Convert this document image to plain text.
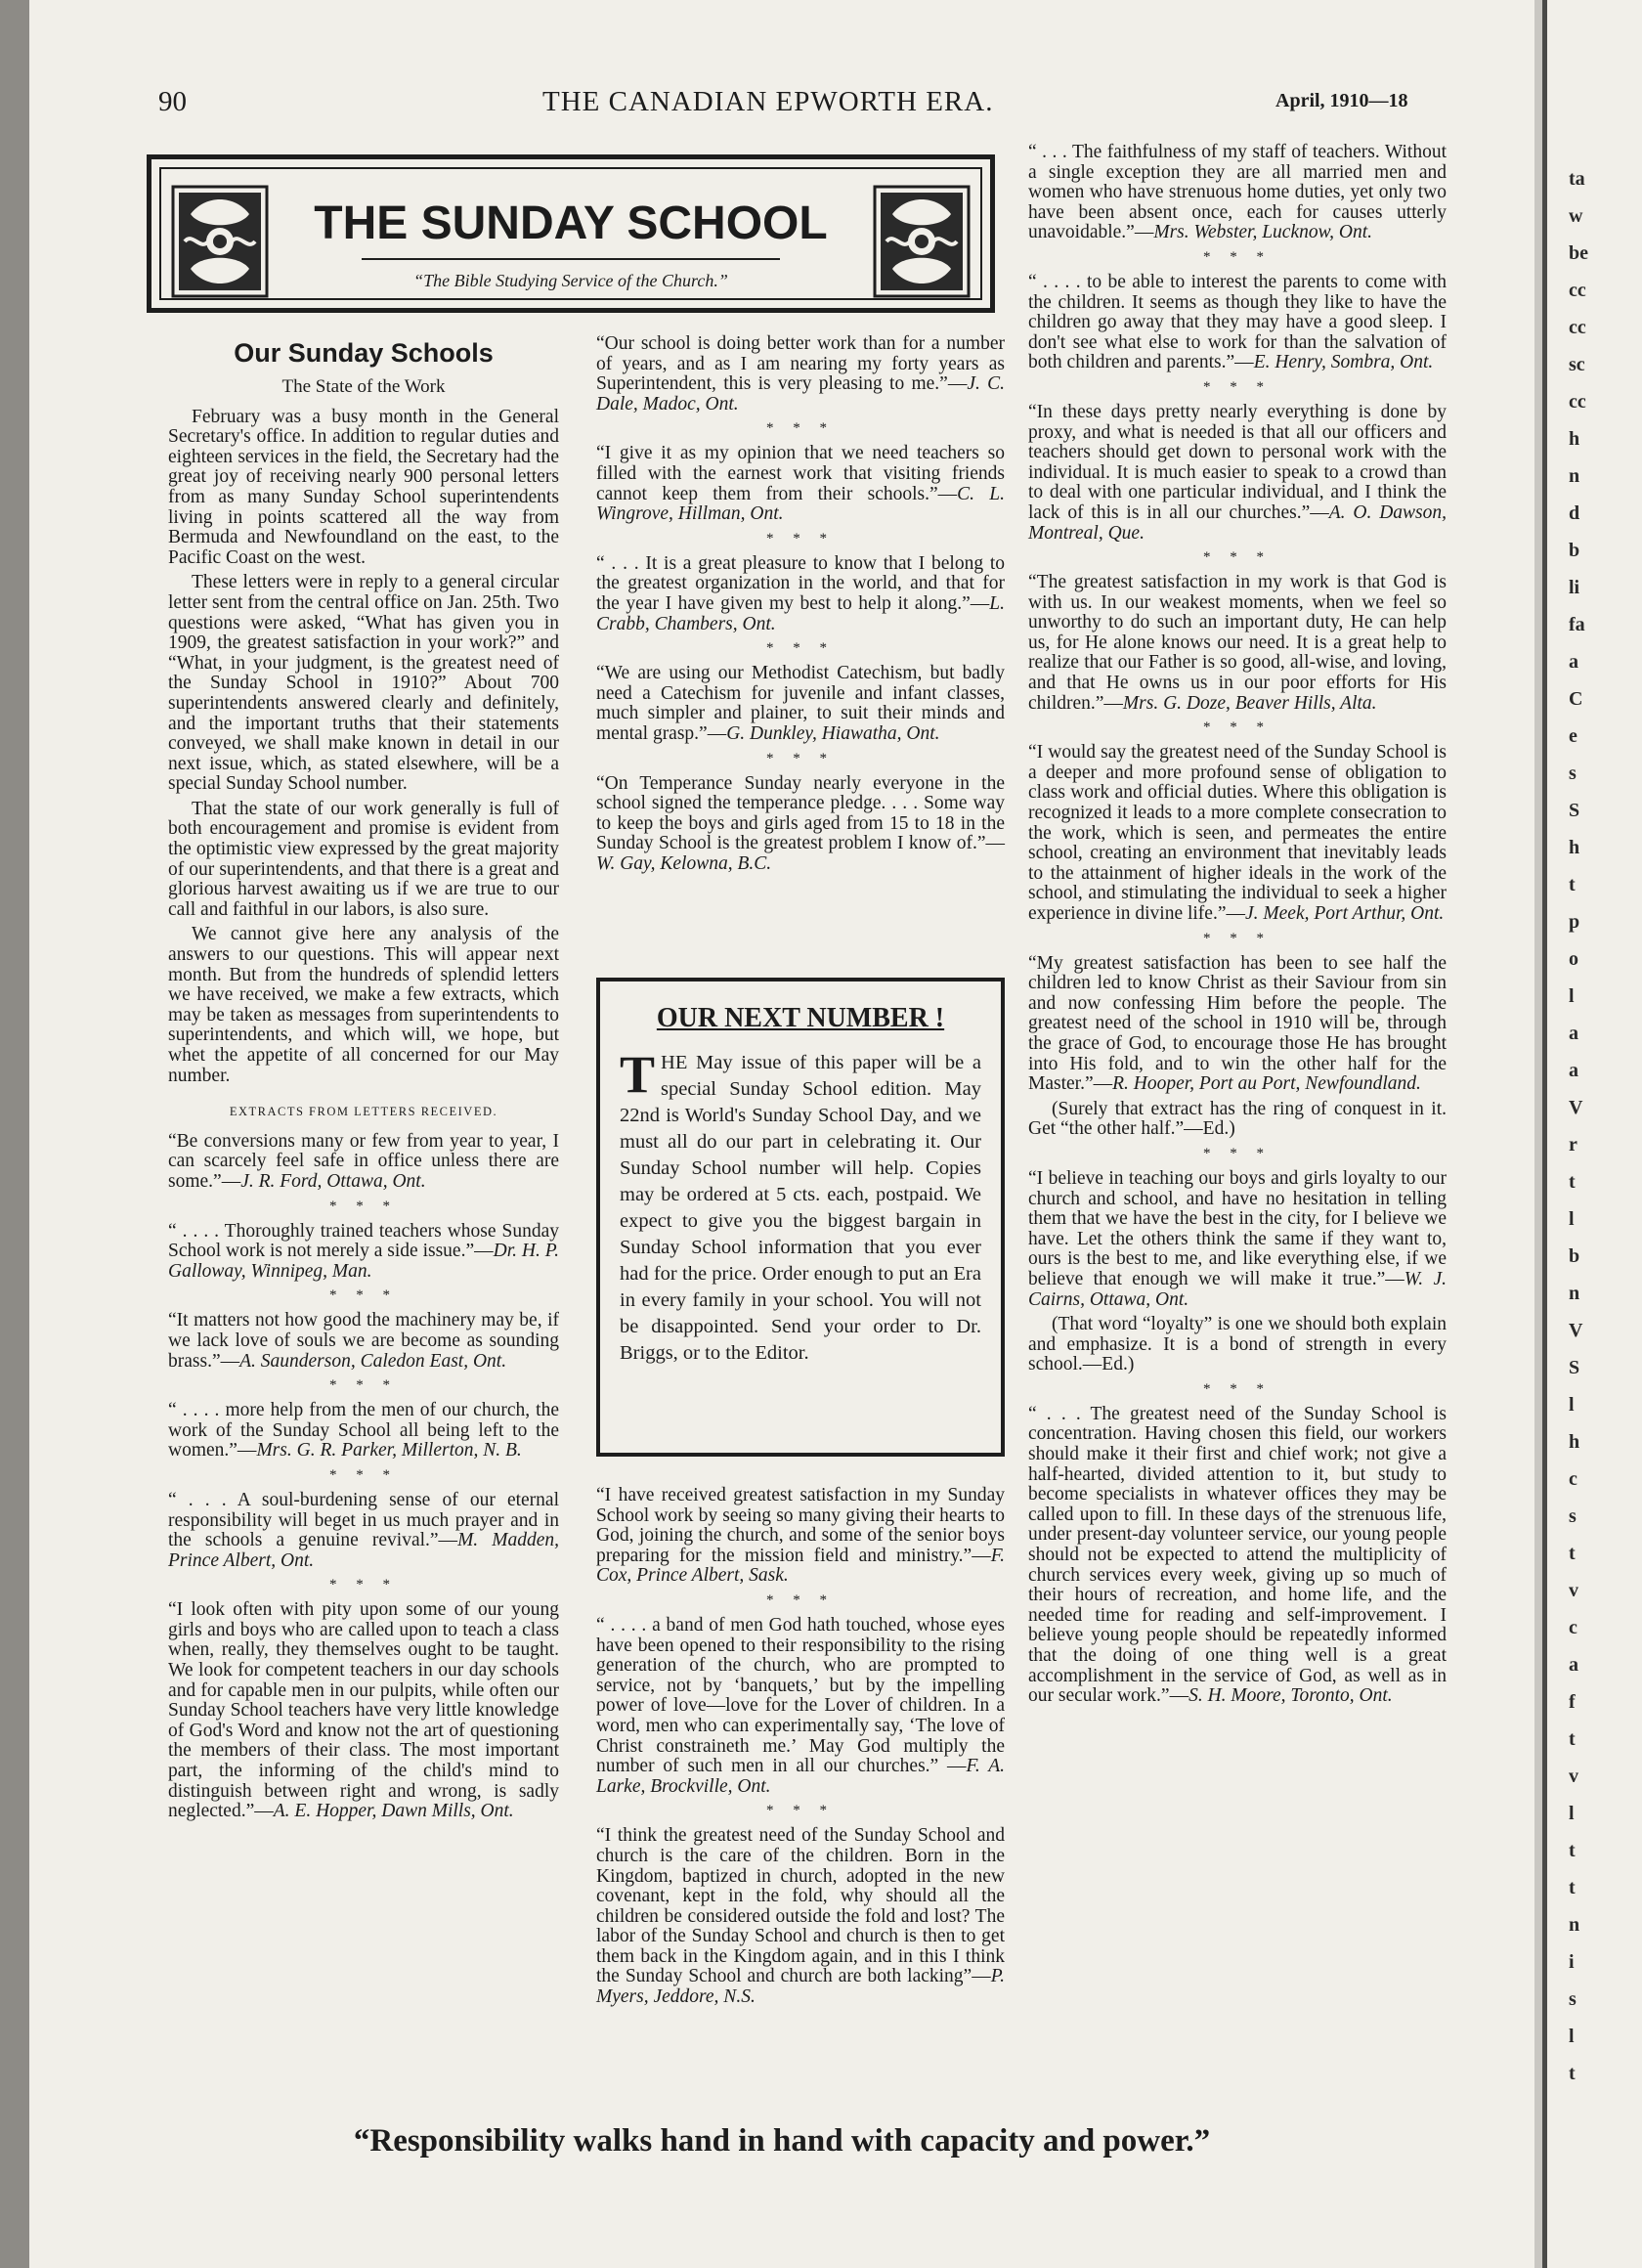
ta
w
be
cc
cc
sc
cc
h
n
d
b
li
fa
a
C
e
s
S
h
t
p
o
l
a
a
V
r
t
l
b
n
V
S
l
h
c
s
t
v
c
a
f
t
v
l
t
t
n
i
s
l
t
90	THE CANADIAN EPWORTH ERA.	April, 1910—18
THE SUNDAY SCHOOL
“The Bible Studying Service of the Church.”
Our Sunday Schools
The State of the Work

February was a busy month in the General Secretary's office. In addition to regular duties and eighteen services in the field, the Secretary had the great joy of receiving nearly 900 personal letters from as many Sunday School superintendents living in points scattered all the way from Bermuda and Newfoundland on the east, to the Pacific Coast on the west.

These letters were in reply to a general circular letter sent from the central office on Jan. 25th. Two questions were asked, “What has given you in 1909, the greatest satisfaction in your work?” and “What, in your judgment, is the greatest need of the Sunday School in 1910?” About 700 superintendents answered clearly and definitely, and the important truths that their statements conveyed, we shall make known in detail in our next issue, which, as stated elsewhere, will be a special Sunday School number.

That the state of our work generally is full of both encouragement and promise is evident from the optimistic view expressed by the great majority of our superintendents, and that there is a great and glorious harvest awaiting us if we are true to our call and faithful in our labors, is also sure.

We cannot give here any analysis of the answers to our questions. This will appear next month. But from the hundreds of splendid letters we have received, we make a few extracts, which may be taken as messages from superintendents to superintendents, and which will, we hope, but whet the appetite of all concerned for our May number.

EXTRACTS FROM LETTERS RECEIVED.

“Be conversions many or few from year to year, I can scarcely feel safe in office unless there are some.”—J. R. Ford, Ottawa, Ont.

* * *

“ . . . . Thoroughly trained teachers whose Sunday School work is not merely a side issue.”—Dr. H. P. Galloway, Winnipeg, Man.

* * *

“It matters not how good the machinery may be, if we lack love of souls we are become as sounding brass.”—A. Saunderson, Caledon East, Ont.

* * *

“ . . . . more help from the men of our church, the work of the Sunday School all being left to the women.”—Mrs. G. R. Parker, Millerton, N. B.

* * *

“ . . . A soul-burdening sense of our eternal responsibility will beget in us much prayer and in the schools a genuine revival.”—M. Madden, Prince Albert, Ont.

* * *

“I look often with pity upon some of our young girls and boys who are called upon to teach a class when, really, they themselves ought to be taught. We look for competent teachers in our day schools and for capable men in our pulpits, while often our Sunday School teachers have very little knowledge of God's Word and know not the art of questioning the members of their class. The most important part, the informing of the child's mind to distinguish between right and wrong, is sadly neglected.”—A. E. Hopper, Dawn Mills, Ont.

“Our school is doing better work than for a number of years, and as I am nearing my forty years as Superintendent, this is very pleasing to me.”—J. C. Dale, Madoc, Ont.

* * *

“I give it as my opinion that we need teachers so filled with the earnest work that visiting friends cannot keep them from their schools.”—C. L. Wingrove, Hillman, Ont.

* * *

“ . . . It is a great pleasure to know that I belong to the greatest organization in the world, and that for the year I have given my best to help it along.”—L. Crabb, Chambers, Ont.

* * *

“We are using our Methodist Catechism, but badly need a Catechism for juvenile and infant classes, much simpler and plainer, to suit their minds and mental grasp.”—G. Dunkley, Hiawatha, Ont.

* * *

“On Temperance Sunday nearly everyone in the school signed the temperance pledge. . . . Some way to keep the boys and girls aged from 15 to 18 in the Sunday School is the greatest problem I know of.”—W. Gay, Kelowna, B.C.

OUR NEXT NUMBER !
T HE May issue of this paper will be a special Sunday School edition. May 22nd is World's Sunday School Day, and we must all do our part in celebrating it. Our Sunday School number will help. Copies may be ordered at 5 cts. each, postpaid. We expect to give you the biggest bargain in Sunday School information that you ever had for the price. Order enough to put an Era in every family in your school. You will not be disappointed. Send your order to Dr. Briggs, or to the Editor.

“I have received greatest satisfaction in my Sunday School work by seeing so many giving their hearts to God, joining the church, and some of the senior boys preparing for the mission field and ministry.”—F. Cox, Prince Albert, Sask.

* * *

“ . . . . a band of men God hath touched, whose eyes have been opened to their responsibility to the rising generation of the church, who are prompted to service, not by ‘banquets,’ but by the impelling power of love—love for the Lover of children. In a word, men who can experimentally say, ‘The love of Christ constraineth me.’ May God multiply the number of such men in all our churches.” —F. A. Larke, Brockville, Ont.

* * *

“I think the greatest need of the Sunday School and church is the care of the children. Born in the Kingdom, baptized in church, adopted in the new covenant, kept in the fold, why should all the children be considered outside the fold and lost? The labor of the Sunday School and church is then to get them back in the Kingdom again, and in this I think the Sunday School and church are both lacking”—P. Myers, Jeddore, N.S.

“ . . . The faithfulness of my staff of teachers. Without a single exception they are all married men and women who have strenuous home duties, yet only two have been absent once, each for causes utterly unavoidable.”—Mrs. Webster, Lucknow, Ont.

* * *

“ . . . . to be able to interest the parents to come with the children. It seems as though they like to have the children go away that they may have a good sleep. I don't see what else to work for than the salvation of both children and parents.”—E. Henry, Sombra, Ont.

* * *

“In these days pretty nearly everything is done by proxy, and what is needed is that all our officers and teachers should get down to personal work with the individual. It is much easier to speak to a crowd than to deal with one particular individual, and I think the lack of this is in all our churches.”—A. O. Dawson, Montreal, Que.

* * *

“The greatest satisfaction in my work is that God is with us. In our weakest moments, when we feel so unworthy to do such an important duty, He can help us, for He alone knows our need. It is a great help to realize that our Father is so good, all-wise, and loving, and that He owns us in our poor efforts for His children.”—Mrs. G. Doze, Beaver Hills, Alta.

* * *

“I would say the greatest need of the Sunday School is a deeper and more profound sense of obligation to class work and official duties. Where this obligation is recognized it leads to a more complete consecration to the work, which is seen, and permeates the entire school, creating an environment that inevitably leads to the attainment of higher ideals in the work of the school, and stimulating the individual to seek a higher experience in divine life.”—J. Meek, Port Arthur, Ont.

* * *

“My greatest satisfaction has been to see half the children led to know Christ as their Saviour from sin and now confessing Him before the people. The greatest need of the school in 1910 will be, through the grace of God, to encourage those He has brought into His fold, and to win the other half for the Master.”—R. Hooper, Port au Port, Newfoundland.

(Surely that extract has the ring of conquest in it. Get “the other half.”—Ed.)

* * *

“I believe in teaching our boys and girls loyalty to our church and school, and have no hesitation in telling them that we have the best in the city, for I believe we have. Let the others think the same if they want to, ours is the best to me, and like everything else, if we believe that enough we will make it true.”—W. J. Cairns, Ottawa, Ont.

(That word “loyalty” is one we should both explain and emphasize. It is a bond of strength in every school.—Ed.)

* * *

“ . . . The greatest need of the Sunday School is concentration. Having chosen this field, our workers should make it their first and chief work; not give a half-hearted, divided attention to it, but study to become specialists in whatever offices they may be called upon to fill. In these days of the strenuous life, under present-day volunteer service, our young people should not be expected to attend the multiplicity of church services every week, giving up so much of their hours of recreation, and home life, and the needed time for reading and self-improvement. I believe young people should be repeatedly informed that the doing of one thing well is a great accomplishment in the service of God, as well as in our secular work.”—S. H. Moore, Toronto, Ont.

“Responsibility walks hand in hand with capacity and power.”
